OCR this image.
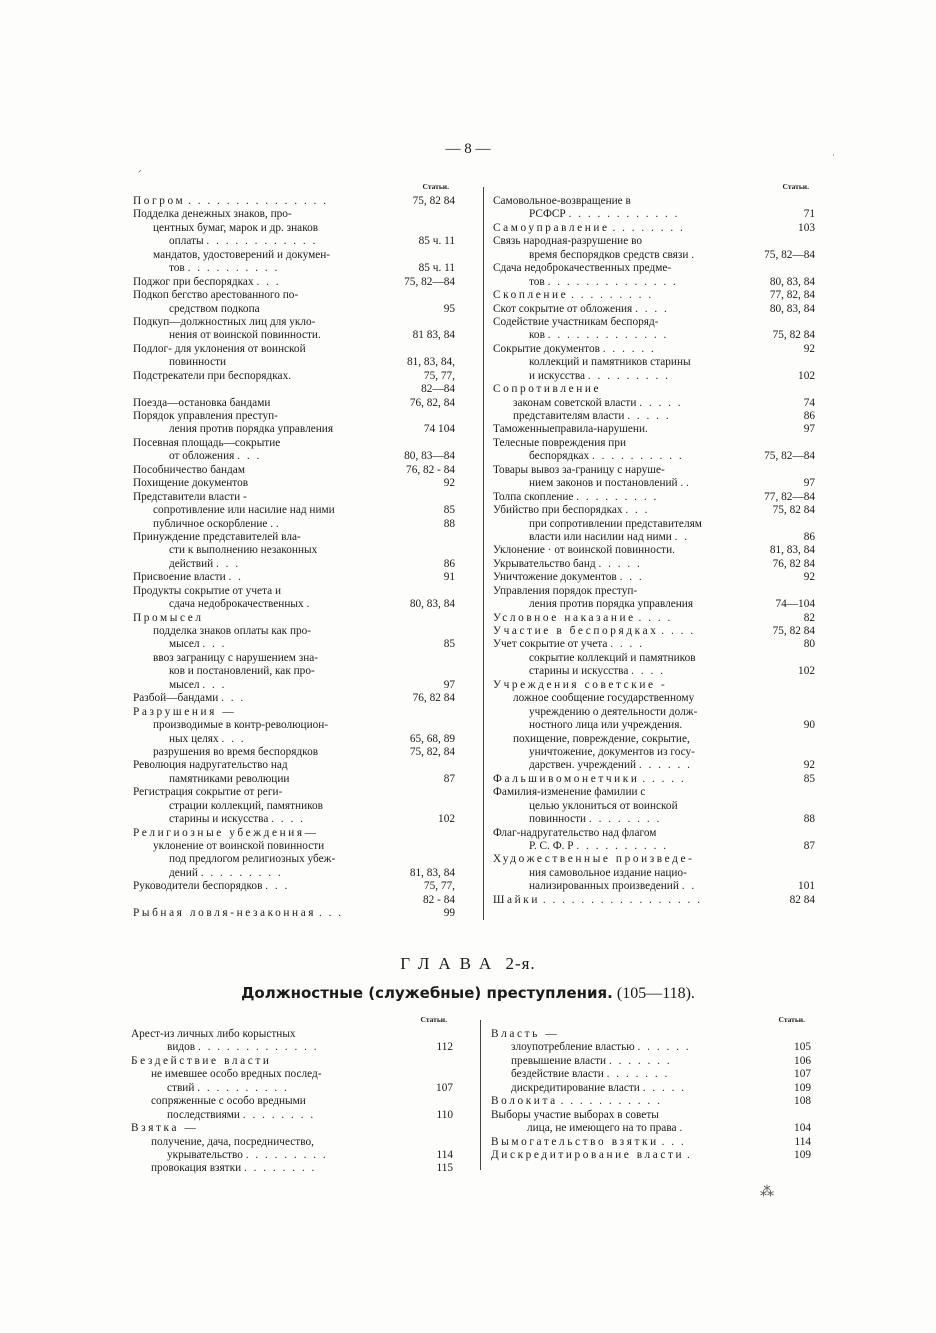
— 8 —
ᐟ
·
Статьи.
Погром . . . . . . . . . . . . . . .	75, 82 84
Подделка денежных знаков, про-
центных бумаг, марок и др. знаков
оплаты . . . . . . . . . . . .	85 ч. 11
мандатов, удостоверений и докумен-
тов . . . . . . . . . .	85 ч. 11
Поджог при беспорядках . . .	75, 82—84
Подкоп бегство арестованного по-
средством подкопа	95
Подкуп—должностных лиц для укло-
нения от воинской повинности.	81 83, 84
Подлог- для уклонения от воинской
повинности	81, 83, 84,
Подстрекатели при беспорядках.	75, 77,
82—84
Поезда—остановка бандами	76, 82, 84
Порядок управления преступ-
ления против порядка управления	74 104
Посевная площадь—сокрытие
от обложения . . .	80, 83—84
Пособничество бандам	76, 82 - 84
Похищение документов	92
Представители власти -
сопротивление или насилие над ними	85
публичное оскорбление . .	88
Принуждение представителей вла-
сти к выполнению незаконных
действий . . .	86
Присвоение власти . .	91
Продукты сокрытие от учета и
сдача недоброкачественных .	80, 83, 84
Промысел
подделка знаков оплаты как про-
мысел . . .	85
ввоз заграницу с нарушением зна-
ков и постановлений, как про-
мысел . . .	97
Разбой—бандами . . .	76, 82 84
Разрушения —
производимые в контр-революцион-
ных целях . . .	65, 68, 89
разрушения во время беспорядков	75, 82, 84
Революция надругательство над
памятниками революции	87
Регистрация сокрытие от реги-
страции коллекций, памятников
старины и искусства . . . .	102
Религиозные убеждения—
уклонение от воинской повинности
под предлогом религиозных убеж-
дений . . . . . . . . .	81, 83, 84
Руководители беспорядков . . .	75, 77,
82 - 84
Рыбная ловля-незаконная . . .	99
Статьи.
Самовольное-возвращение в
РСФСР . . . . . . . . . . . .	71
Самоуправление . . . . . . . .	103
Связь народная-разрушение во
время беспорядков средств связи .	75, 82—84
Сдача недоброкачественных предме-
тов . . . . . . . . . . . . . .	80, 83, 84
Скопление . . . . . . . . .	77, 82, 84
Скот сокрытие от обложения . . . .	80, 83, 84
Содействие участникам беспоряд-
ков . . . . . . . . . . . . .	75, 82 84
Сокрытие документов . . . . . .	92
коллекций и памятников старины
и искусства . . . . . . . . .	102
Сопротивление
законам советской власти . . . . .	74
представителям власти . . . . .	86
Таможенныеправила-нарушени.	97
Телесные повреждения при
беспорядках . . . . . . . . . .	75, 82—84
Товары вывоз за-границу с наруше-
нием законов и постановлений . .	97
Толпа скопление . . . . . . . . .	77, 82—84
Убийство при беспорядках . . .	75, 82 84
при сопротивлении представителям
власти или насилии над ними . .	86
Уклонение · от воинской повинности.	81, 83, 84
Укрывательство банд . . . . .	76, 82 84
Уничтожение документов . . .	92
Управления порядок преступ-
ления против порядка управления	74—104
Условное наказание . . . .	82
Участие в беспорядках . . . .	75, 82 84
Учет сокрытие от учета . . . .	80
сокрытие коллекций и памятников
старины и искусства . . . .	102
Учреждения советские -
ложное сообщение государственному
учреждению о деятельности долж-
ностного лица или учреждения.	90
похищение, повреждение, сокрытие,
уничтожение, документов из госу-
дарствен. учреждений . . . . . .	92
Фальшивомонетчики . . . . .	85
Фамилия-изменение фамилии с
целью уклониться от воинской
повинности . . . . . . . .	88
Флаг-надругательство над флагом
Р. С. Ф. Р . . . . . . . . . .	87
Художественные произведе-
ния самовольное издание нацио-
нализированных произведений . .	101
Шайки . . . . . . . . . . . . . . . . .	82 84
ГЛАВА 2-я.
Должностные (служебные) преступления. (105—118).
Статьи.
Арест-из личных либо корыстных
видов . . . . . . . . . . . . .	112
Бездействие власти
не имевшее особо вредных послед-
ствий . . . . . . . . . .	107
сопряженные с особо вредными
последствиями . . . . . . . .	110
Взятка —
получение, дача, посредничество,
укрывательство . . . . . . . . .	114
провокация взятки . . . . . . . .	115
Статьи.
Власть —
злоупотребление властью . . . . . .	105
превышение власти . . . . . . .	106
бездействие власти . . . . . . .	107
дискредитирование власти . . . . .	109
Волокита . . . . . . . . . . .	108
Выборы участие выборах в советы
лица, не имеющего на то права .	104
Вымогательство взятки . . .	114
Дискредитирование власти .	109
⁂
